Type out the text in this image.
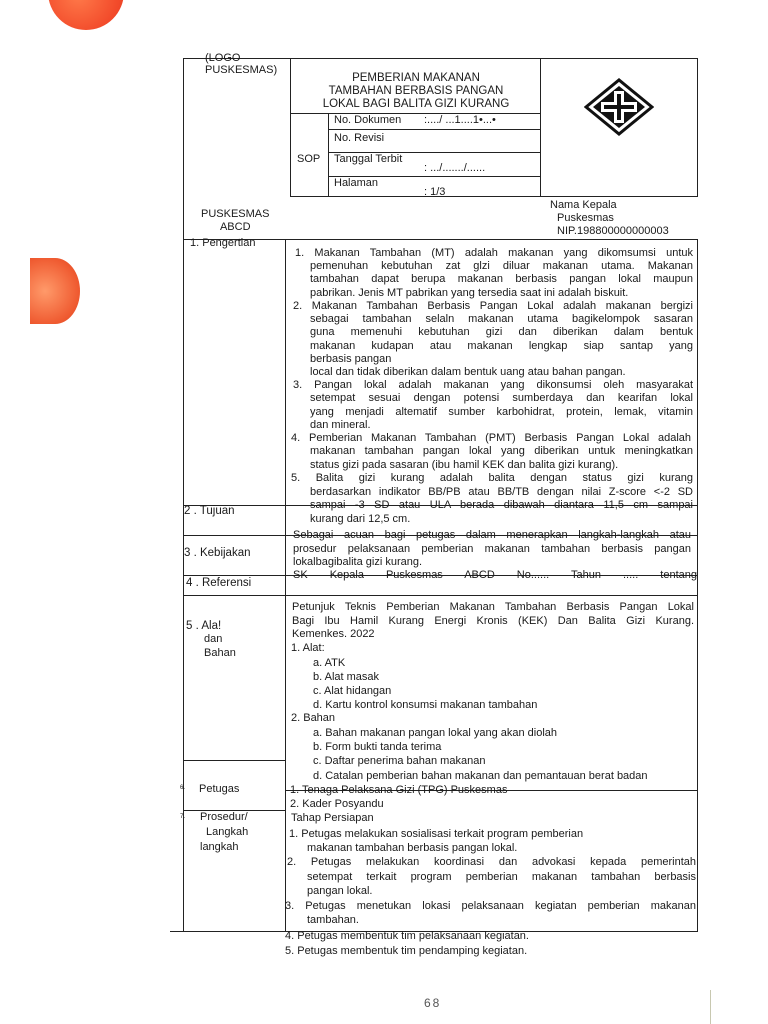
(LOGO
PUSKESMAS)
PEMBERIAN MAKANAN
TAMBAHAN BERBASIS PANGAN
LOKAL BAGI BALITA GIZI KURANG
SOP
No. Dokumen :..../ ...1....1•...•
No. Revisi
Tanggal Terbit
: .../......./......
Halaman
: 1/3
PUSKESMAS
ABCD
Nama Kepala
Puskesmas
NIP.198800000000003
1. Pengertian
2 . Tujuan
3 . Kebijakan
4 . Referensi
5 . Ala!
dan
Bahan
6. Petugas
7. Prosedur/
Langkah
langkah
1. Makanan Tambahan (MT) adalah makanan yang dikomsumsi untuk
pemenuhan kebutuhan zat glzi diluar makanan utama. Makanan
tambahan dapat berupa makanan berbasis pangan lokal maupun
pabrikan. Jenis MT pabrikan yang tersedia saat ini adalah biskuit.
2. Makanan Tambahan Berbasis Pangan Lokal adalah makanan bergizi
sebagai tambahan selaln makanan utama bagikelompok sasaran
guna memenuhi kebutuhan gizi dan diberikan dalam bentuk
makanan kudapan atau makanan lengkap siap santap yang
berbasis pangan
local dan tidak diberikan dalam bentuk uang atau bahan pangan.
3. Pangan lokal adalah makanan yang dikonsumsi oleh masyarakat
setempat sesuai dengan potensi sumberdaya dan kearifan lokal
yang menjadi altematif sumber karbohidrat, protein, lemak, vitamin
dan mineral.
4. Pemberian Makanan Tambahan (PMT) Berbasis Pangan Lokal adalah
makanan tambahan pangan lokal yang diberikan untuk meningkatkan
status gizi pada sasaran (ibu hamil KEK dan balita gizi kurang).
5. Balita gizi kurang adalah balita dengan status gizi kurang
berdasarkan indikator BB/PB atau BB/TB dengan nilai Z-score <-2 SD
sampai -3 SD atau ULA berada dibawah diantara 11,5 cm sampai
kurang dari 12,5 cm.
Sebagai acuan bagi petugas dalam menerapkan langkah-langkah atau
prosedur pelaksanaan pemberian makanan tambahan berbasis pangan
lokalbagibalita gizi kurang.
SK Kepala Puskesmas ABCD No...... Tahun ..... tentang
Petunjuk Teknis Pemberian Makanan Tambahan Berbasis Pangan Lokal
Bagi Ibu Hamil Kurang Energi Kronis (KEK) Dan Balita Gizi Kurang.
Kemenkes. 2022
1. Alat:
a. ATK
b. Alat masak
c. Alat hidangan
d. Kartu kontrol konsumsi makanan tambahan
2. Bahan
a. Bahan makanan pangan lokal yang akan diolah
b. Form bukti tanda terima
c. Daftar penerima bahan makanan
d. Catalan pemberian bahan makanan dan pemantauan berat badan
1. Tenaga Pelaksana Gizi (TPG) Puskesmas
2. Kader Posyandu
Tahap Persiapan
1. Petugas melakukan sosialisasi terkait program pemberian
makanan tambahan berbasis pangan lokal.
2. Petugas melakukan koordinasi dan advokasi kepada pemerintah
setempat terkait program pemberian makanan tambahan berbasis
pangan lokal.
3. Petugas menetukan lokasi pelaksanaan kegiatan pemberian makanan
tambahan.
4. Petugas membentuk tim pelaksanaan kegiatan.
5. Petugas membentuk tim pendamping kegiatan.
68
